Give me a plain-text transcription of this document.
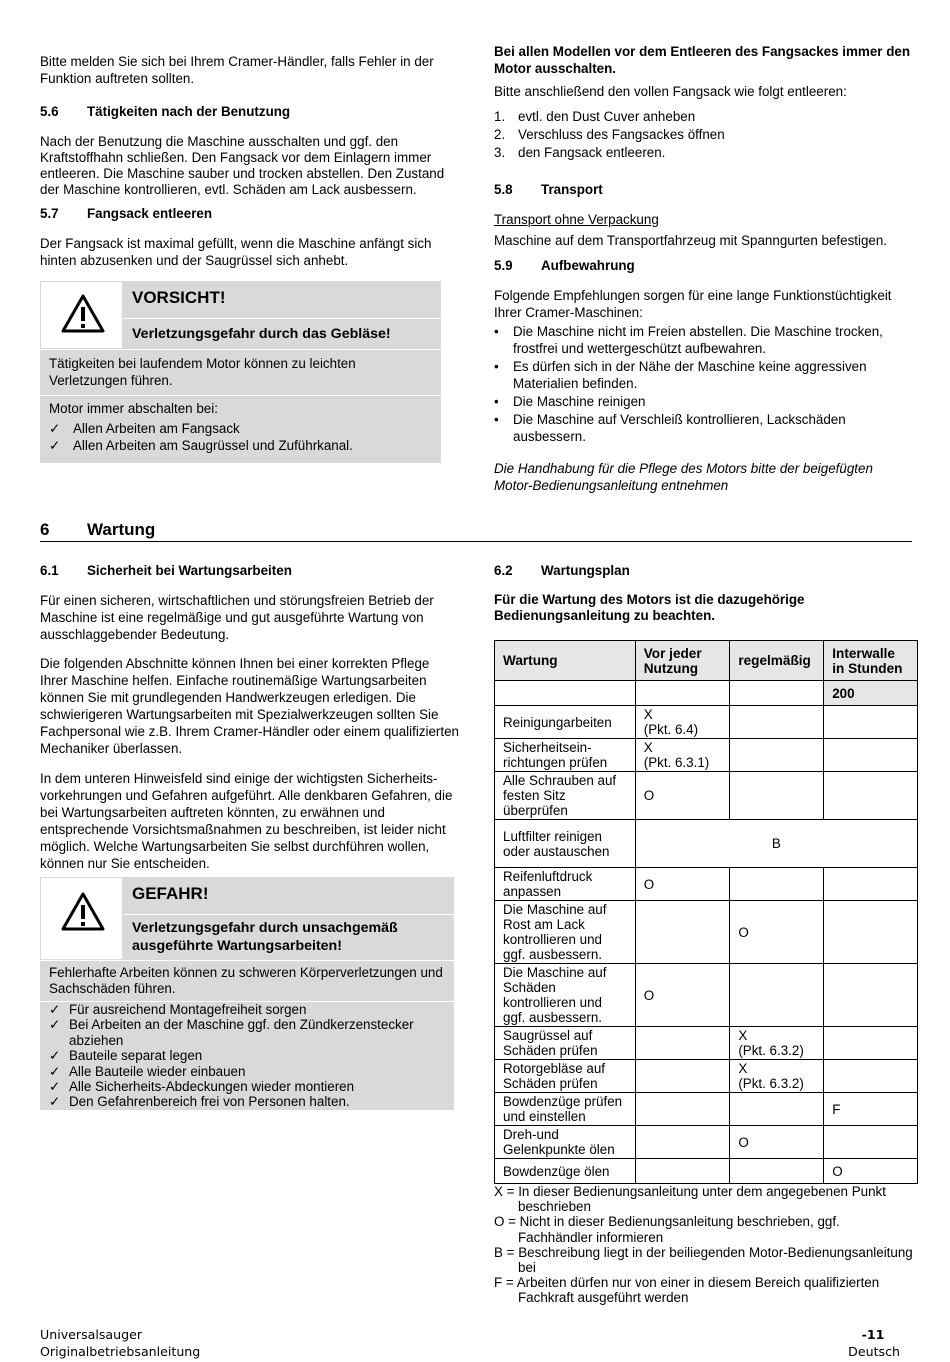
Bitte melden Sie sich bei Ihrem Cramer-Händler, falls Fehler in der Funktion auftreten sollten.

5.6 Tätigkeiten nach der Benutzung

Nach der Benutzung die Maschine ausschalten und ggf. den Kraftstoffhahn schließen. Den Fangsack vor dem Einlagern immer entleeren. Die Maschine sauber und trocken abstellen. Den Zustand der Maschine kontrollieren, evtl. Schäden am Lack ausbessern.

5.7 Fangsack entleeren

Der Fangsack ist maximal gefüllt, wenn die Maschine anfängt sich hinten abzusenken und der Saugrüssel sich anhebt.

VORSICHT!
Verletzungsgefahr durch das Gebläse!
Tätigkeiten bei laufendem Motor können zu leichten Verletzungen führen.
Motor immer abschalten bei:
✓ Allen Arbeiten am Fangsack
✓ Allen Arbeiten am Saugrüssel und Zuführkanal.

Bei allen Modellen vor dem Entleeren des Fangsackes immer den Motor ausschalten.

Bitte anschließend den vollen Fangsack wie folgt entleeren:

1. evtl. den Dust Cuver anheben
2. Verschluss des Fangsackes öffnen
3. den Fangsack entleeren.
5.8 Transport

Transport ohne Verpackung

Maschine auf dem Transportfahrzeug mit Spanngurten befestigen.

5.9 Aufbewahrung

Folgende Empfehlungen sorgen für eine lange Funktionstüchtigkeit Ihrer Cramer-Maschinen:

• Die Maschine nicht im Freien abstellen. Die Maschine trocken, frostfrei und wettergeschützt aufbewahren.
• Es dürfen sich in der Nähe der Maschine keine aggressiven Materialien befinden.
• Die Maschine reinigen
• Die Maschine auf Verschleiß kontrollieren, Lackschäden ausbessern.

Die Handhabung für die Pflege des Motors bitte der beigefügten Motor-Bedienungsanleitung entnehmen

6 Wartung
6.1 Sicherheit bei Wartungsarbeiten

Für einen sicheren, wirtschaftlichen und störungsfreien Betrieb der Maschine ist eine regelmäßige und gut ausgeführte Wartung von ausschlaggebender Bedeutung.

Die folgenden Abschnitte können Ihnen bei einer korrekten Pflege Ihrer Maschine helfen. Einfache routinemäßige Wartungsarbeiten können Sie mit grundlegenden Handwerkzeugen erledigen. Die schwierigeren Wartungsarbeiten mit Spezialwerkzeugen sollten Sie Fachpersonal wie z.B. Ihrem Cramer-Händler oder einem qualifizierten Mechaniker überlassen.

In dem unteren Hinweisfeld sind einige der wichtigsten Sicherheits-vorkehrungen und Gefahren aufgeführt. Alle denkbaren Gefahren, die bei Wartungsarbeiten auftreten könnten, zu erwähnen und entsprechende Vorsichtsmaßnahmen zu beschreiben, ist leider nicht möglich. Welche Wartungsarbeiten Sie selbst durchführen wollen, können nur Sie entscheiden.

GEFAHR!
Verletzungsgefahr durch unsachgemäß ausgeführte Wartungsarbeiten!
Fehlerhafte Arbeiten können zu schweren Körperverletzungen und Sachschäden führen.
✓ Für ausreichend Montagefreiheit sorgen
✓ Bei Arbeiten an der Maschine ggf. den Zündkerzenstecker abziehen
✓ Bauteile separat legen
✓ Alle Bauteile wieder einbauen
✓ Alle Sicherheits-Abdeckungen wieder montieren
✓ Den Gefahrenbereich frei von Personen halten.
6.2 Wartungsplan

Für die Wartung des Motors ist die dazugehörige Bedienungsanleitung zu beachten.

Wartung	Vor jeder Nutzung	regelmäßig	Interwalle in Stunden
			200
Reinigungarbeiten	X
(Pkt. 6.4)		
Sicherheitsein-
richtungen prüfen	X
(Pkt. 6.3.1)		
Alle Schrauben auf festen Sitz überprüfen	O		
Luftfilter reinigen oder austauschen	B		
Reifenluftdruck anpassen	O		
Die Maschine auf Rost am Lack kontrollieren und ggf. ausbessern.		O	
Die Maschine auf Schäden kontrollieren und ggf. ausbessern.	O		
Saugrüssel auf Schäden prüfen		X
(Pkt. 6.3.2)	
Rotorgebläse auf Schäden prüfen		X
(Pkt. 6.3.2)	
Bowdenzüge prüfen und einstellen			F
Dreh-und Gelenkpunkte ölen		O	
Bowdenzüge ölen			O

X = In dieser Bedienungsanleitung unter dem angegebenen Punkt
beschrieben

O = Nicht in dieser Bedienungsanleitung beschrieben, ggf.
Fachhändler informieren

B = Beschreibung liegt in der beiliegenden Motor-Bedienungsanleitung
bei

F = Arbeiten dürfen nur von einer in diesem Bereich qualifizierten
Fachkraft ausgeführt werden

Universalsauger
Originalbetriebsanleitung
-11
Deutsch
